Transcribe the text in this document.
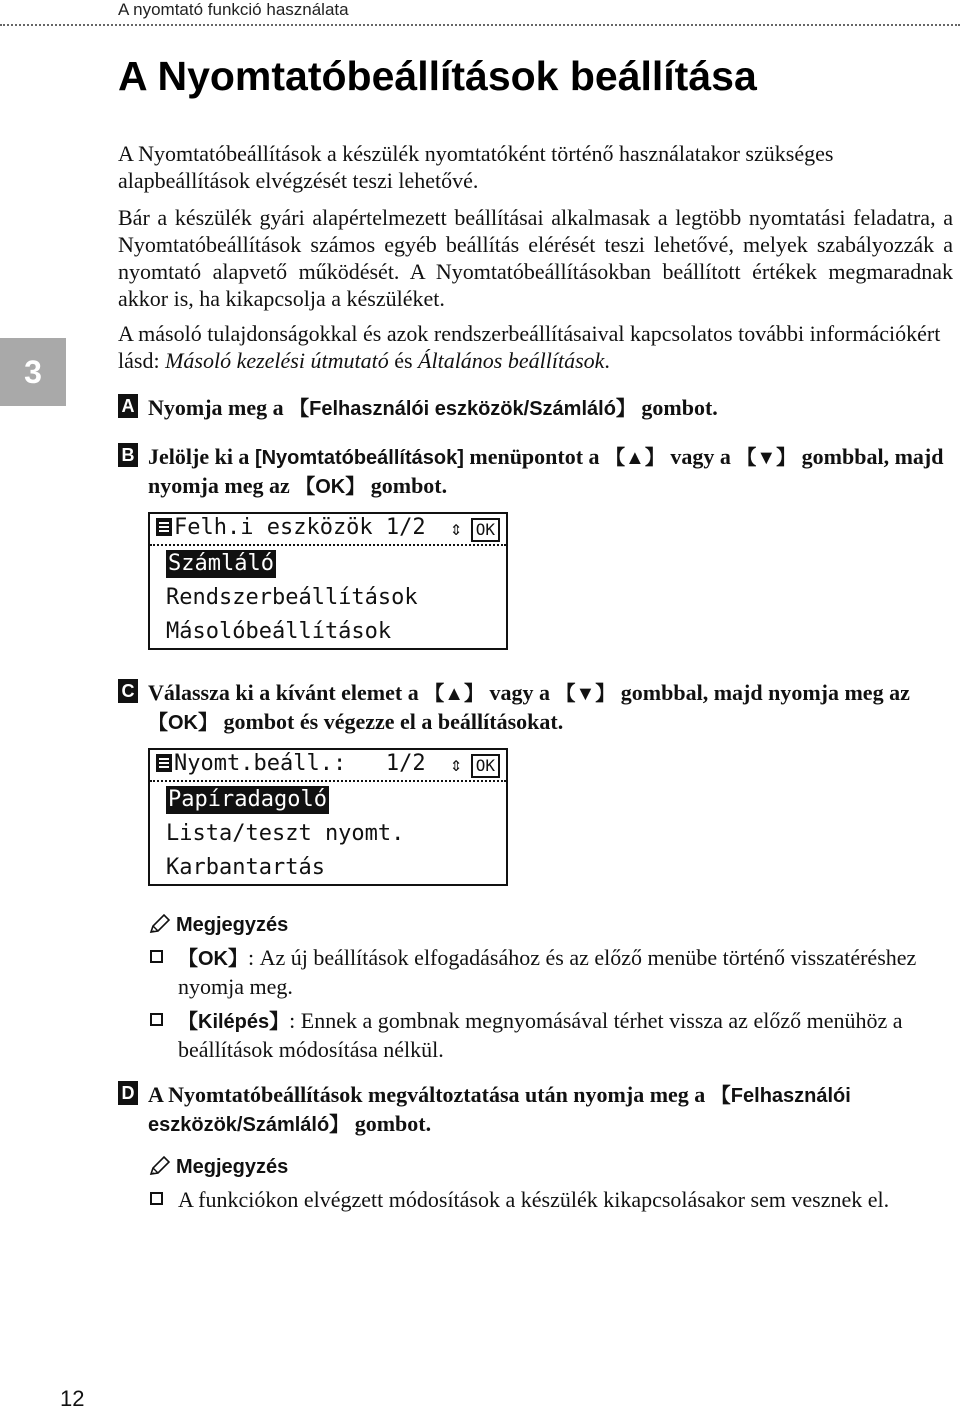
A nyomtató funkció használata
3
A Nyomtatóbeállítások beállítása

A Nyomtatóbeállítások a készülék nyomtatóként történő használatakor szükséges alapbeállítások elvégzését teszi lehetővé.

Bár a készülék gyári alapértelmezett beállításai alkalmasak a legtöbb nyomtatási feladatra, a Nyomtatóbeállítások számos egyéb beállítás elérését teszi lehetővé, melyek szabályozzák a nyomtató alapvető működését. A Nyomtatóbeállításokban beállított értékek megmaradnak akkor is, ha kikapcsolja a készüléket.

A másoló tulajdonságokkal és azok rendszerbeállításaival kapcsolatos további információkért lásd: Másoló kezelési útmutató és Általános beállítások.

A Nyomja meg a 【Felhasználói eszközök/Számláló】 gombot.

B Jelölje ki a [Nyomtatóbeállítások] menüpontot a 【▲】 vagy a 【▼】 gombbal, majd nyomja meg az 【OK】 gombot.

Felh.i eszközök 1/2 ⇕ OK
Számláló
Rendszerbeállítások
Másolóbeállítások
C Válassza ki a kívánt elemet a 【▲】 vagy a 【▼】 gombbal, majd nyomja meg az 【OK】 gombot és végezze el a beállításokat.

Nyomt.beáll.:   1/2 ⇕ OK
Papíradagoló
Lista/teszt nyomt.
Karbantartás

Megjegyzés

【OK】: Az új beállítások elfogadásához és az előző menübe történő visszatéréshez nyomja meg.

【Kilépés】: Ennek a gombnak megnyomásával térhet vissza az előző menühöz a beállítások módosítása nélkül.

D A Nyomtatóbeállítások megváltoztatása után nyomja meg a 【Felhasználói eszközök/Számláló】 gombot.

Megjegyzés

A funkciókon elvégzett módosítások a készülék kikapcsolásakor sem vesznek el.

12
